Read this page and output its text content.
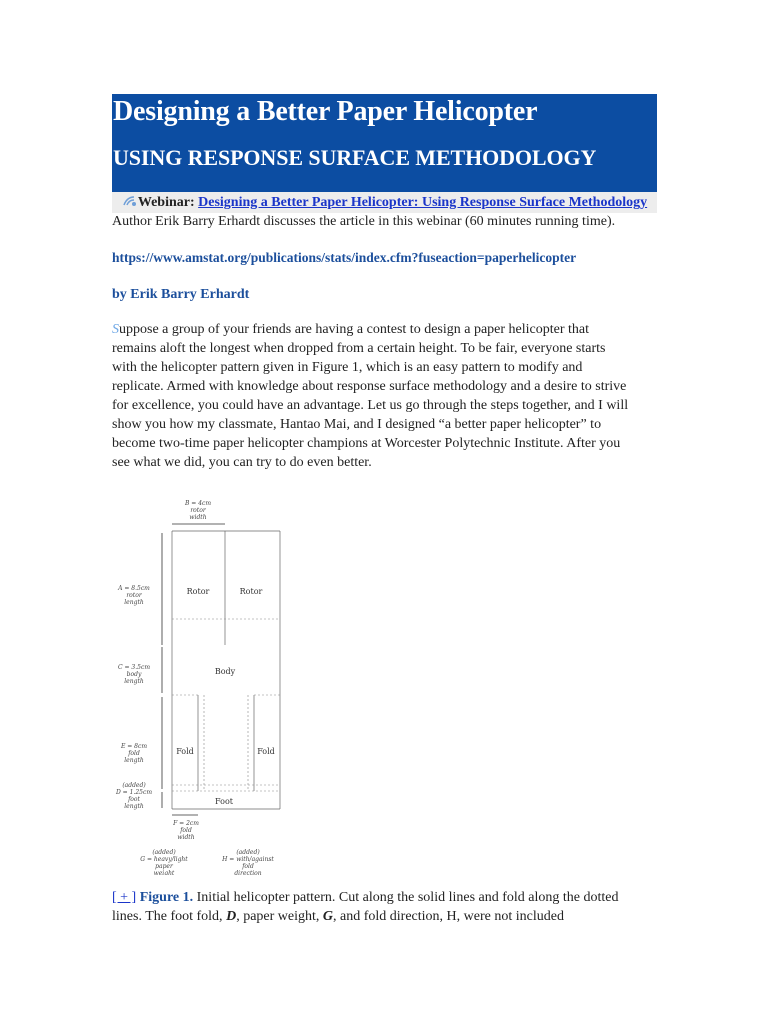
Designing a Better Paper Helicopter
USING RESPONSE SURFACE METHODOLOGY
Webinar: Designing a Better Paper Helicopter: Using Response Surface Methodology
Author Erik Barry Erhardt discusses the article in this webinar (60 minutes running time).
https://www.amstat.org/publications/stats/index.cfm?fuseaction=paperhelicopter
by Erik Barry Erhardt
Suppose a group of your friends are having a contest to design a paper helicopter that remains aloft the longest when dropped from a certain height. To be fair, everyone starts with the helicopter pattern given in Figure 1, which is an easy pattern to modify and replicate. Armed with knowledge about response surface methodology and a desire to strive for excellence, you could have an advantage. Let us go through the steps together, and I will show you how my classmate, Hantao Mai, and I designed “a better paper helicopter” to become two-time paper helicopter champions at Worcester Polytechnic Institute. After you see what we did, you can try to do even better.
B = 4cm
rotor
width
A = 8.5cm
rotor
length
C = 3.5cm
body
length
E = 8cm
fold
length
(added)
D = 1.25cm
foot
length
F = 2cm
fold
width
(added)
G = heavy/light
paper
weight
(added)
H = with/against
fold
direction
Rotor	Rotor
Body
Fold	Fold
Foot
[ + ] Figure 1. Initial helicopter pattern. Cut along the solid lines and fold along the dotted lines. The foot fold, D, paper weight, G, and fold direction, H, were not included
